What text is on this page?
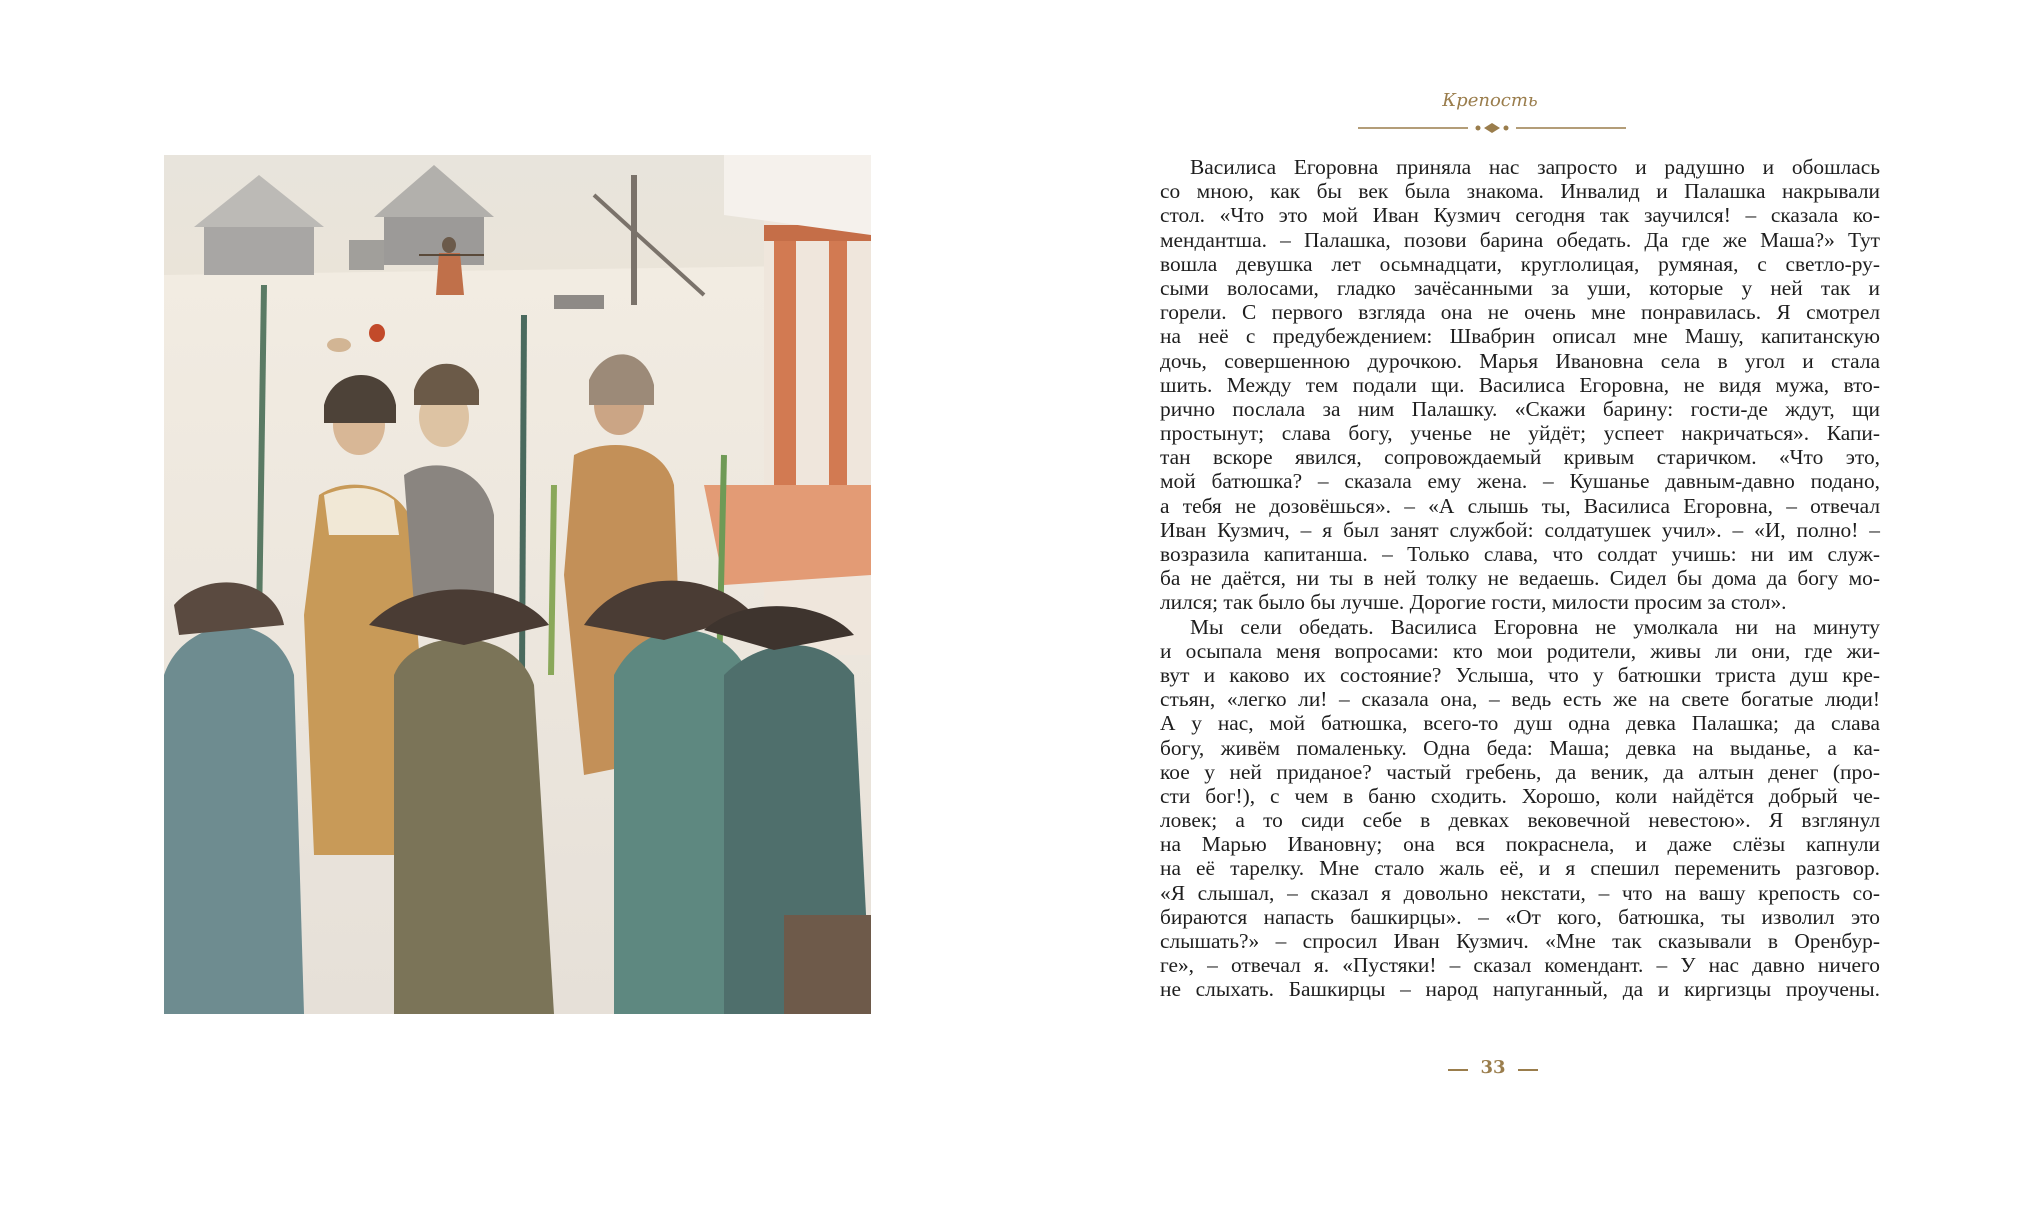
Крепость
Василиса Егоровна приняла нас запросто и радушно и обошлась
со мною, как бы век была знакома. Инвалид и Палашка накрывали
стол. «Что это мой Иван Кузмич сегодня так заучился! – сказала ко-
мендантша. – Палашка, позови барина обедать. Да где же Маша?» Тут
вошла девушка лет осьмнадцати, круглолицая, румяная, с светло-ру-
сыми волосами, гладко зачёсанными за уши, которые у ней так и
горели. С первого взгляда она не очень мне понравилась. Я смотрел
на неё с предубеждением: Швабрин описал мне Машу, капитанскую
дочь, совершенною дурочкою. Марья Ивановна села в угол и стала
шить. Между тем подали щи. Василиса Егоровна, не видя мужа, вто-
рично послала за ним Палашку. «Скажи барину: гости-де ждут, щи
простынут; слава богу, ученье не уйдёт; успеет накричаться». Капи-
тан вскоре явился, сопровождаемый кривым старичком. «Что это,
мой батюшка? – сказала ему жена. – Кушанье давным-давно подано,
а тебя не дозовёшься». – «А слышь ты, Василиса Егоровна, – отвечал
Иван Кузмич, – я был занят службой: солдатушек учил». – «И, полно! –
возразила капитанша. – Только слава, что солдат учишь: ни им служ-
ба не даётся, ни ты в ней толку не ведаешь. Сидел бы дома да богу мо-
лился; так было бы лучше. Дорогие гости, милости просим за стол».
Мы сели обедать. Василиса Егоровна не умолкала ни на минуту
и осыпала меня вопросами: кто мои родители, живы ли они, где жи-
вут и каково их состояние? Услыша, что у батюшки триста душ кре-
стьян, «легко ли! – сказала она, – ведь есть же на свете богатые люди!
А у нас, мой батюшка, всего-то душ одна девка Палашка; да слава
богу, живём помаленьку. Одна беда: Маша; девка на выданье, а ка-
кое у ней приданое? частый гребень, да веник, да алтын денег (про-
сти бог!), с чем в баню сходить. Хорошо, коли найдётся добрый че-
ловек; а то сиди себе в девках вековечной невестою». Я взглянул
на Марью Ивановну; она вся покраснела, и даже слёзы капнули
на её тарелку. Мне стало жаль её, и я спешил переменить разговор.
«Я слышал, – сказал я довольно некстати, – что на вашу крепость со-
бираются напасть башкирцы». – «От кого, батюшка, ты изволил это
слышать?» – спросил Иван Кузмич. «Мне так сказывали в Оренбур-
ге», – отвечал я. «Пустяки! – сказал комендант. – У нас давно ничего
не слыхать. Башкирцы – народ напуганный, да и киргизцы проучены.
33
